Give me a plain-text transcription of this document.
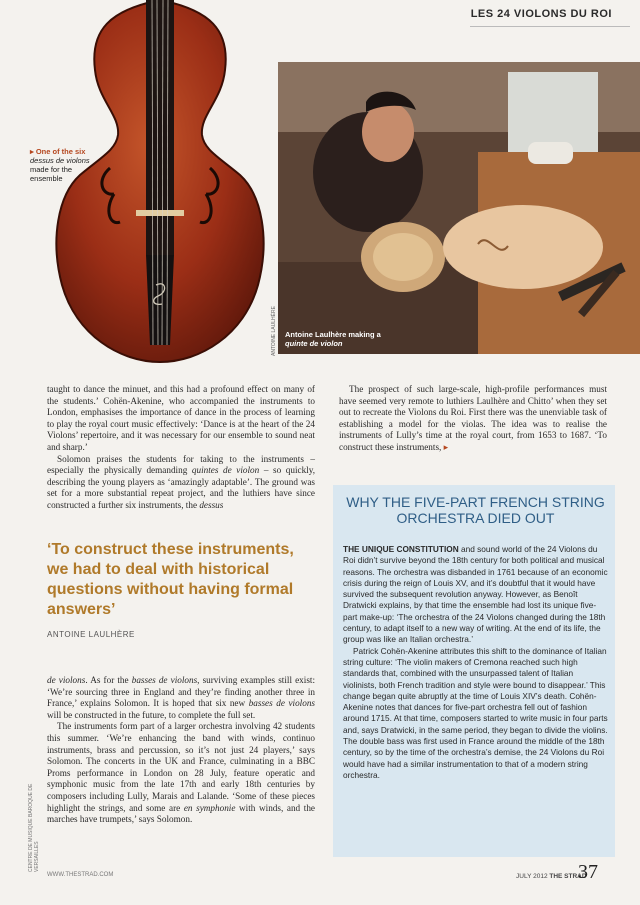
LES 24 VIOLONS DU ROI
▸ One of the six dessus de violons made for the ensemble
ANTOINE LAULHÈRE Antoine Laulhère making a quinte de violon

taught to dance the minuet, and this had a profound effect on many of the students.’ Cohën-Akenine, who accompanied the instruments to London, emphasises the importance of dance in the process of learning to play the royal court music effectively: ‘Dance is at the heart of the 24 Violons’ repertoire, and it was necessary for our ensemble to sound neat and sharp.’

Solomon praises the students for taking to the instruments – especially the physically demanding quintes de violon – so quickly, describing the young players as ‘amazingly adaptable’. The ground was set for a more substantial repeat project, and the luthiers have since constructed a further six instruments, the dessus

‘To construct these instruments, we had to deal with historical questions without having formal answers’
ANTOINE LAULHÈRE

de violons. As for the basses de violons, surviving examples still exist: ‘We’re sourcing three in England and they’re finding another three in France,’ explains Solomon. It is hoped that six new basses de violons will be constructed in the future, to complete the full set.

The instruments form part of a larger orchestra involving 42 students this summer. ‘We’re enhancing the band with winds, continuo instruments, brass and percussion, so it’s not just 24 players,’ says Solomon. The concerts in the UK and France, culminating in a BBC Proms performance in London on 28 July, feature operatic and symphonic music from the late 17th and early 18th centuries by composers including Lully, Marais and Lalande. ‘Some of these pieces highlight the strings, and some are en symphonie with winds, and the marches have trumpets,’ says Solomon.

CENTRE DE MUSIQUE BAROQUE DE VERSAILLES

The prospect of such large-scale, high-profile performances must have seemed very remote to luthiers Laulhère and Chitto’ when they set out to recreate the Violons du Roi. First there was the unenviable task of establishing a model for the violas. The idea was to realise the instruments of Lully’s time at the royal court, from 1653 to 1687. ‘To construct these instruments, ▸

WHY THE FIVE-PART FRENCH STRING ORCHESTRA DIED OUT

THE UNIQUE CONSTITUTION and sound world of the 24 Violons du Roi didn’t survive beyond the 18th century for both political and musical reasons. The orchestra was disbanded in 1761 because of an economic crisis during the reign of Louis XV, and it’s doubtful that it would have survived the subsequent revolution anyway. However, as Benoît Dratwicki explains, by that time the ensemble had lost its unique five-part make-up: ‘The orchestra of the 24 Violons changed during the 18th century, to adapt itself to a new way of writing. At the end of its life, the group was like an Italian orchestra.’

Patrick Cohën-Akenine attributes this shift to the dominance of Italian string culture: ‘The violin makers of Cremona reached such high standards that, combined with the unsurpassed talent of Italian violinists, both French tradition and style were bound to disappear.’ This change began quite abruptly at the time of Louis XIV’s death. Cohën-Akenine notes that dances for five-part orchestra fell out of fashion around 1715. At that time, composers started to write music in four parts and, says Dratwicki, in the same period, they began to divide the violins. The double bass was first used in France around the middle of the 18th century, so by the time of the orchestra’s demise, the 24 Violons du Roi would have had a similar instrumentation to that of a modern string orchestra.

WWW.THESTRAD.COM	JULY 2012 THE STRAD
37
